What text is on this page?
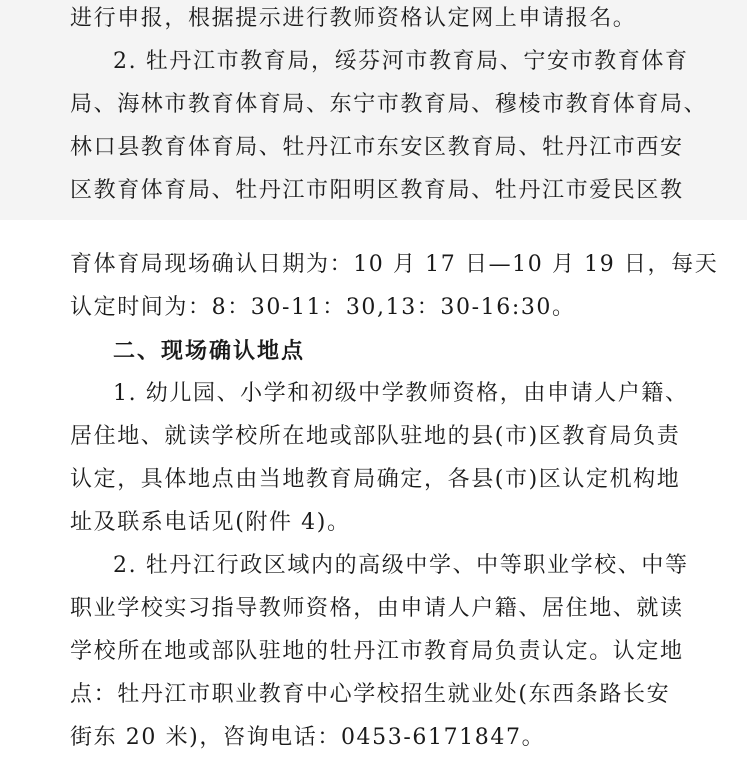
进行申报，根据提示进行教师资格认定网上申请报名。
2. 牡丹江市教育局，绥芬河市教育局、宁安市教育体育
局、海林市教育体育局、东宁市教育局、穆棱市教育体育局、
林口县教育体育局、牡丹江市东安区教育局、牡丹江市西安
区教育体育局、牡丹江市阳明区教育局、牡丹江市爱民区教
育体育局现场确认日期为：10 月 17 日—10 月 19 日，每天
认定时间为：8：30-11：30,13：30-16:30。
二、现场确认地点
1. 幼儿园、小学和初级中学教师资格，由申请人户籍、
居住地、就读学校所在地或部队驻地的县(市)区教育局负责
认定，具体地点由当地教育局确定，各县(市)区认定机构地
址及联系电话见(附件 4)。
2. 牡丹江行政区域内的高级中学、中等职业学校、中等
职业学校实习指导教师资格，由申请人户籍、居住地、就读
学校所在地或部队驻地的牡丹江市教育局负责认定。认定地
点：牡丹江市职业教育中心学校招生就业处(东西条路长安
街东 20 米)，咨询电话：0453-6171847。
